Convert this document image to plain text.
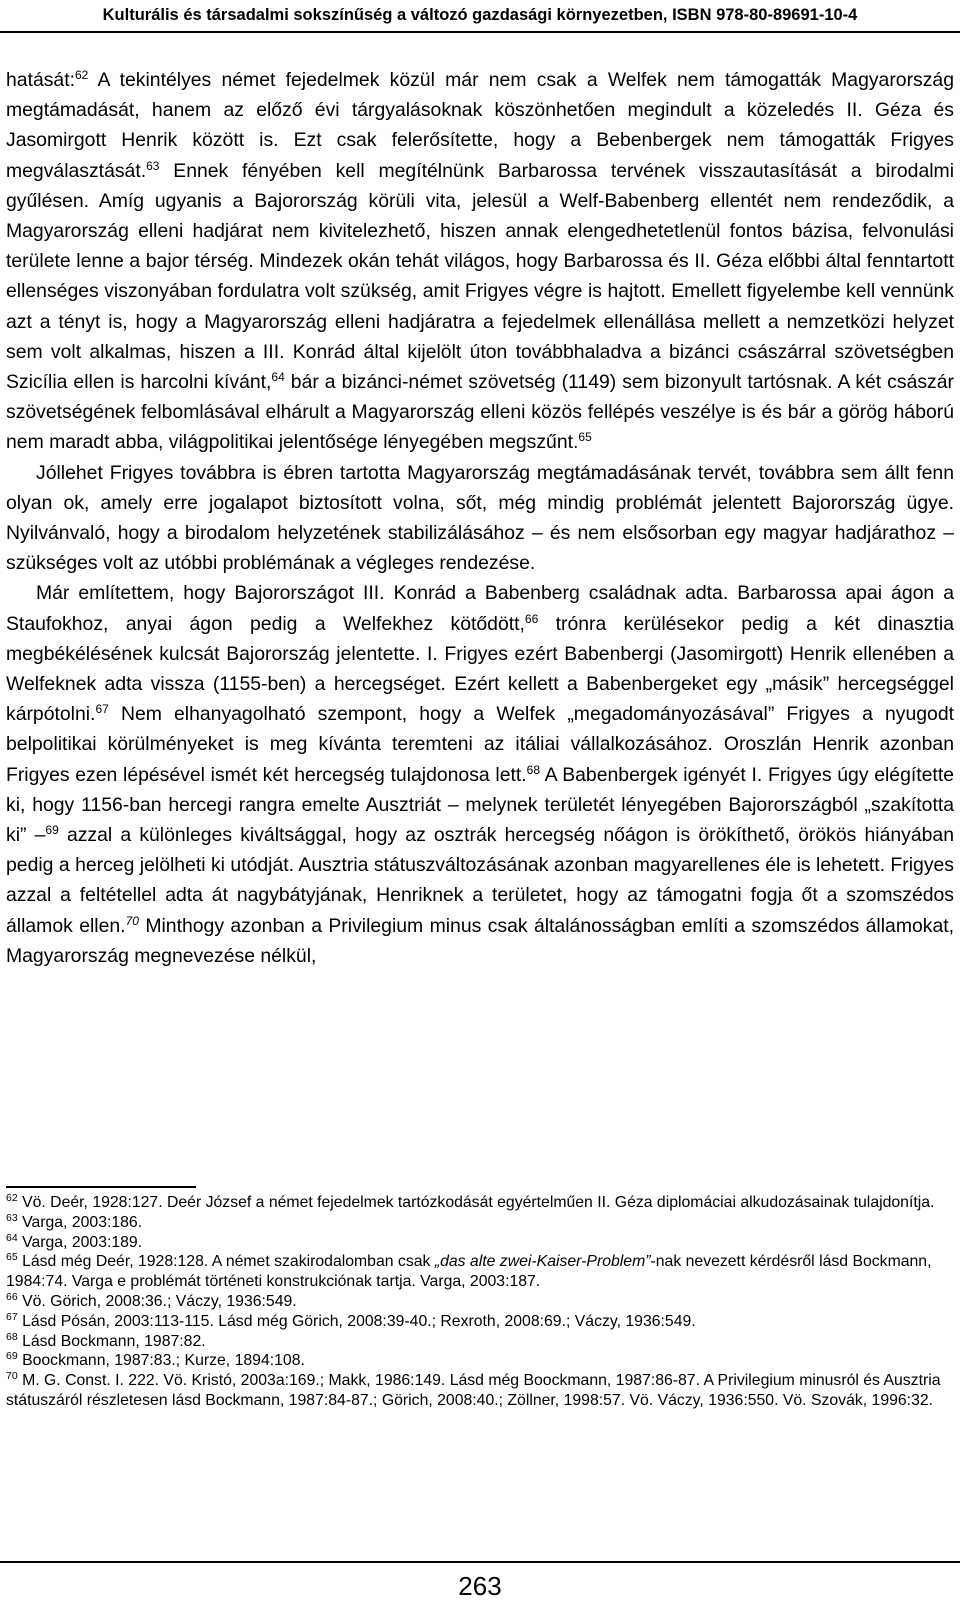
Kulturális és társadalmi sokszínűség a változó gazdasági környezetben, ISBN 978-80-89691-10-4

hatását:$^{62}$ A tekintélyes német fejedelmek közül már nem csak a Welfek nem támogatták Magyarország megtámadását, hanem az előző évi tárgyalásoknak köszönhetően megindult a közeledés II. Géza és Jasomirgott Henrik között is. Ezt csak felerősítette, hogy a Bebenbergek nem támogatták Frigyes megválasztását.$^{63}$ Ennek fényében kell megítélnünk Barbarossa tervének visszautasítását a birodalmi gyűlésen. Amíg ugyanis a Bajorország körüli vita, jelesül a Welf-Babenberg ellentét nem rendeződik, a Magyarország elleni hadjárat nem kivitelezhető, hiszen annak elengedhetetlenül fontos bázisa, felvonulási területe lenne a bajor térség. Mindezek okán tehát világos, hogy Barbarossa és II. Géza előbbi által fenntartott ellenséges viszonyában fordulatra volt szükség, amit Frigyes végre is hajtott. Emellett figyelembe kell vennünk azt a tényt is, hogy a Magyarország elleni hadjáratra a fejedelmek ellenállása mellett a nemzetközi helyzet sem volt alkalmas, hiszen a III. Konrád által kijelölt úton továbbhaladva a bizánci császárral szövetségben Szicília ellen is harcolni kívánt,$^{64}$ bár a bizánci-német szövetség (1149) sem bizonyult tartósnak. A két császár szövetségének felbomlásával elhárult a Magyarország elleni közös fellépés veszélye is és bár a görög háború nem maradt abba, világpolitikai jelentősége lényegében megszűnt.$^{65}$

Jóllehet Frigyes továbbra is ébren tartotta Magyarország megtámadásának tervét, továbbra sem állt fenn olyan ok, amely erre jogalapot biztosított volna, sőt, még mindig problémát jelentett Bajorország ügye. Nyilvánvaló, hogy a birodalom helyzetének stabilizálásához – és nem elsősorban egy magyar hadjárathoz – szükséges volt az utóbbi problémának a végleges rendezése.

Már említettem, hogy Bajorországot III. Konrád a Babenberg családnak adta. Barbarossa apai ágon a Staufokhoz, anyai ágon pedig a Welfekhez kötődött,$^{66}$ trónra kerülésekor pedig a két dinasztia megbékélésének kulcsát Bajorország jelentette. I. Frigyes ezért Babenbergi (Jasomirgott) Henrik ellenében a Welfeknek adta vissza (1155-ben) a hercegséget. Ezért kellett a Babenbergeket egy „másik” hercegséggel kárpótolni.$^{67}$ Nem elhanyagolható szempont, hogy a Welfek „megadományozásával” Frigyes a nyugodt belpolitikai körülményeket is meg kívánta teremteni az itáliai vállalkozásához. Oroszlán Henrik azonban Frigyes ezen lépésével ismét két hercegség tulajdonosa lett.$^{68}$ A Babenbergek igényét I. Frigyes úgy elégítette ki, hogy 1156-ban hercegi rangra emelte Ausztriát – melynek területét lényegében Bajorországból „szakította ki” –$^{69}$ azzal a különleges kiváltsággal, hogy az osztrák hercegség nőágon is örökíthető, örökös hiányában pedig a herceg jelölheti ki utódját. Ausztria státuszváltozásának azonban magyarellenes éle is lehetett. Frigyes azzal a feltétellel adta át nagybátyjának, Henriknek a területet, hogy az támogatni fogja őt a szomszédos államok ellen.$^{70}$ Minthogy azonban a Privilegium minus csak általánosságban említi a szomszédos államokat, Magyarország megnevezése nélkül,

$^{62}$ Vö. Deér, 1928:127. Deér József a német fejedelmek tartózkodását egyértelműen II. Géza diplomáciai alkudozásainak tulajdonítja.

$^{63}$ Varga, 2003:186.

$^{64}$ Varga, 2003:189.

$^{65}$ Lásd még Deér, 1928:128. A német szakirodalomban csak „das alte zwei-Kaiser-Problem”-nak nevezett kérdésről lásd Bockmann, 1984:74. Varga e problémát történeti konstrukciónak tartja. Varga, 2003:187.

$^{66}$ Vö. Görich, 2008:36.; Váczy, 1936:549.

$^{67}$ Lásd Pósán, 2003:113-115. Lásd még Görich, 2008:39-40.; Rexroth, 2008:69.; Váczy, 1936:549.

$^{68}$ Lásd Bockmann, 1987:82.

$^{69}$ Boockmann, 1987:83.; Kurze, 1894:108.

$^{70}$ M. G. Const. I. 222. Vö. Kristó, 2003a:169.; Makk, 1986:149. Lásd még Boockmann, 1987:86-87. A Privilegium minusról és Ausztria státuszáról részletesen lásd Bockmann, 1987:84-87.; Görich, 2008:40.; Zöllner, 1998:57. Vö. Váczy, 1936:550. Vö. Szovák, 1996:32.

263
